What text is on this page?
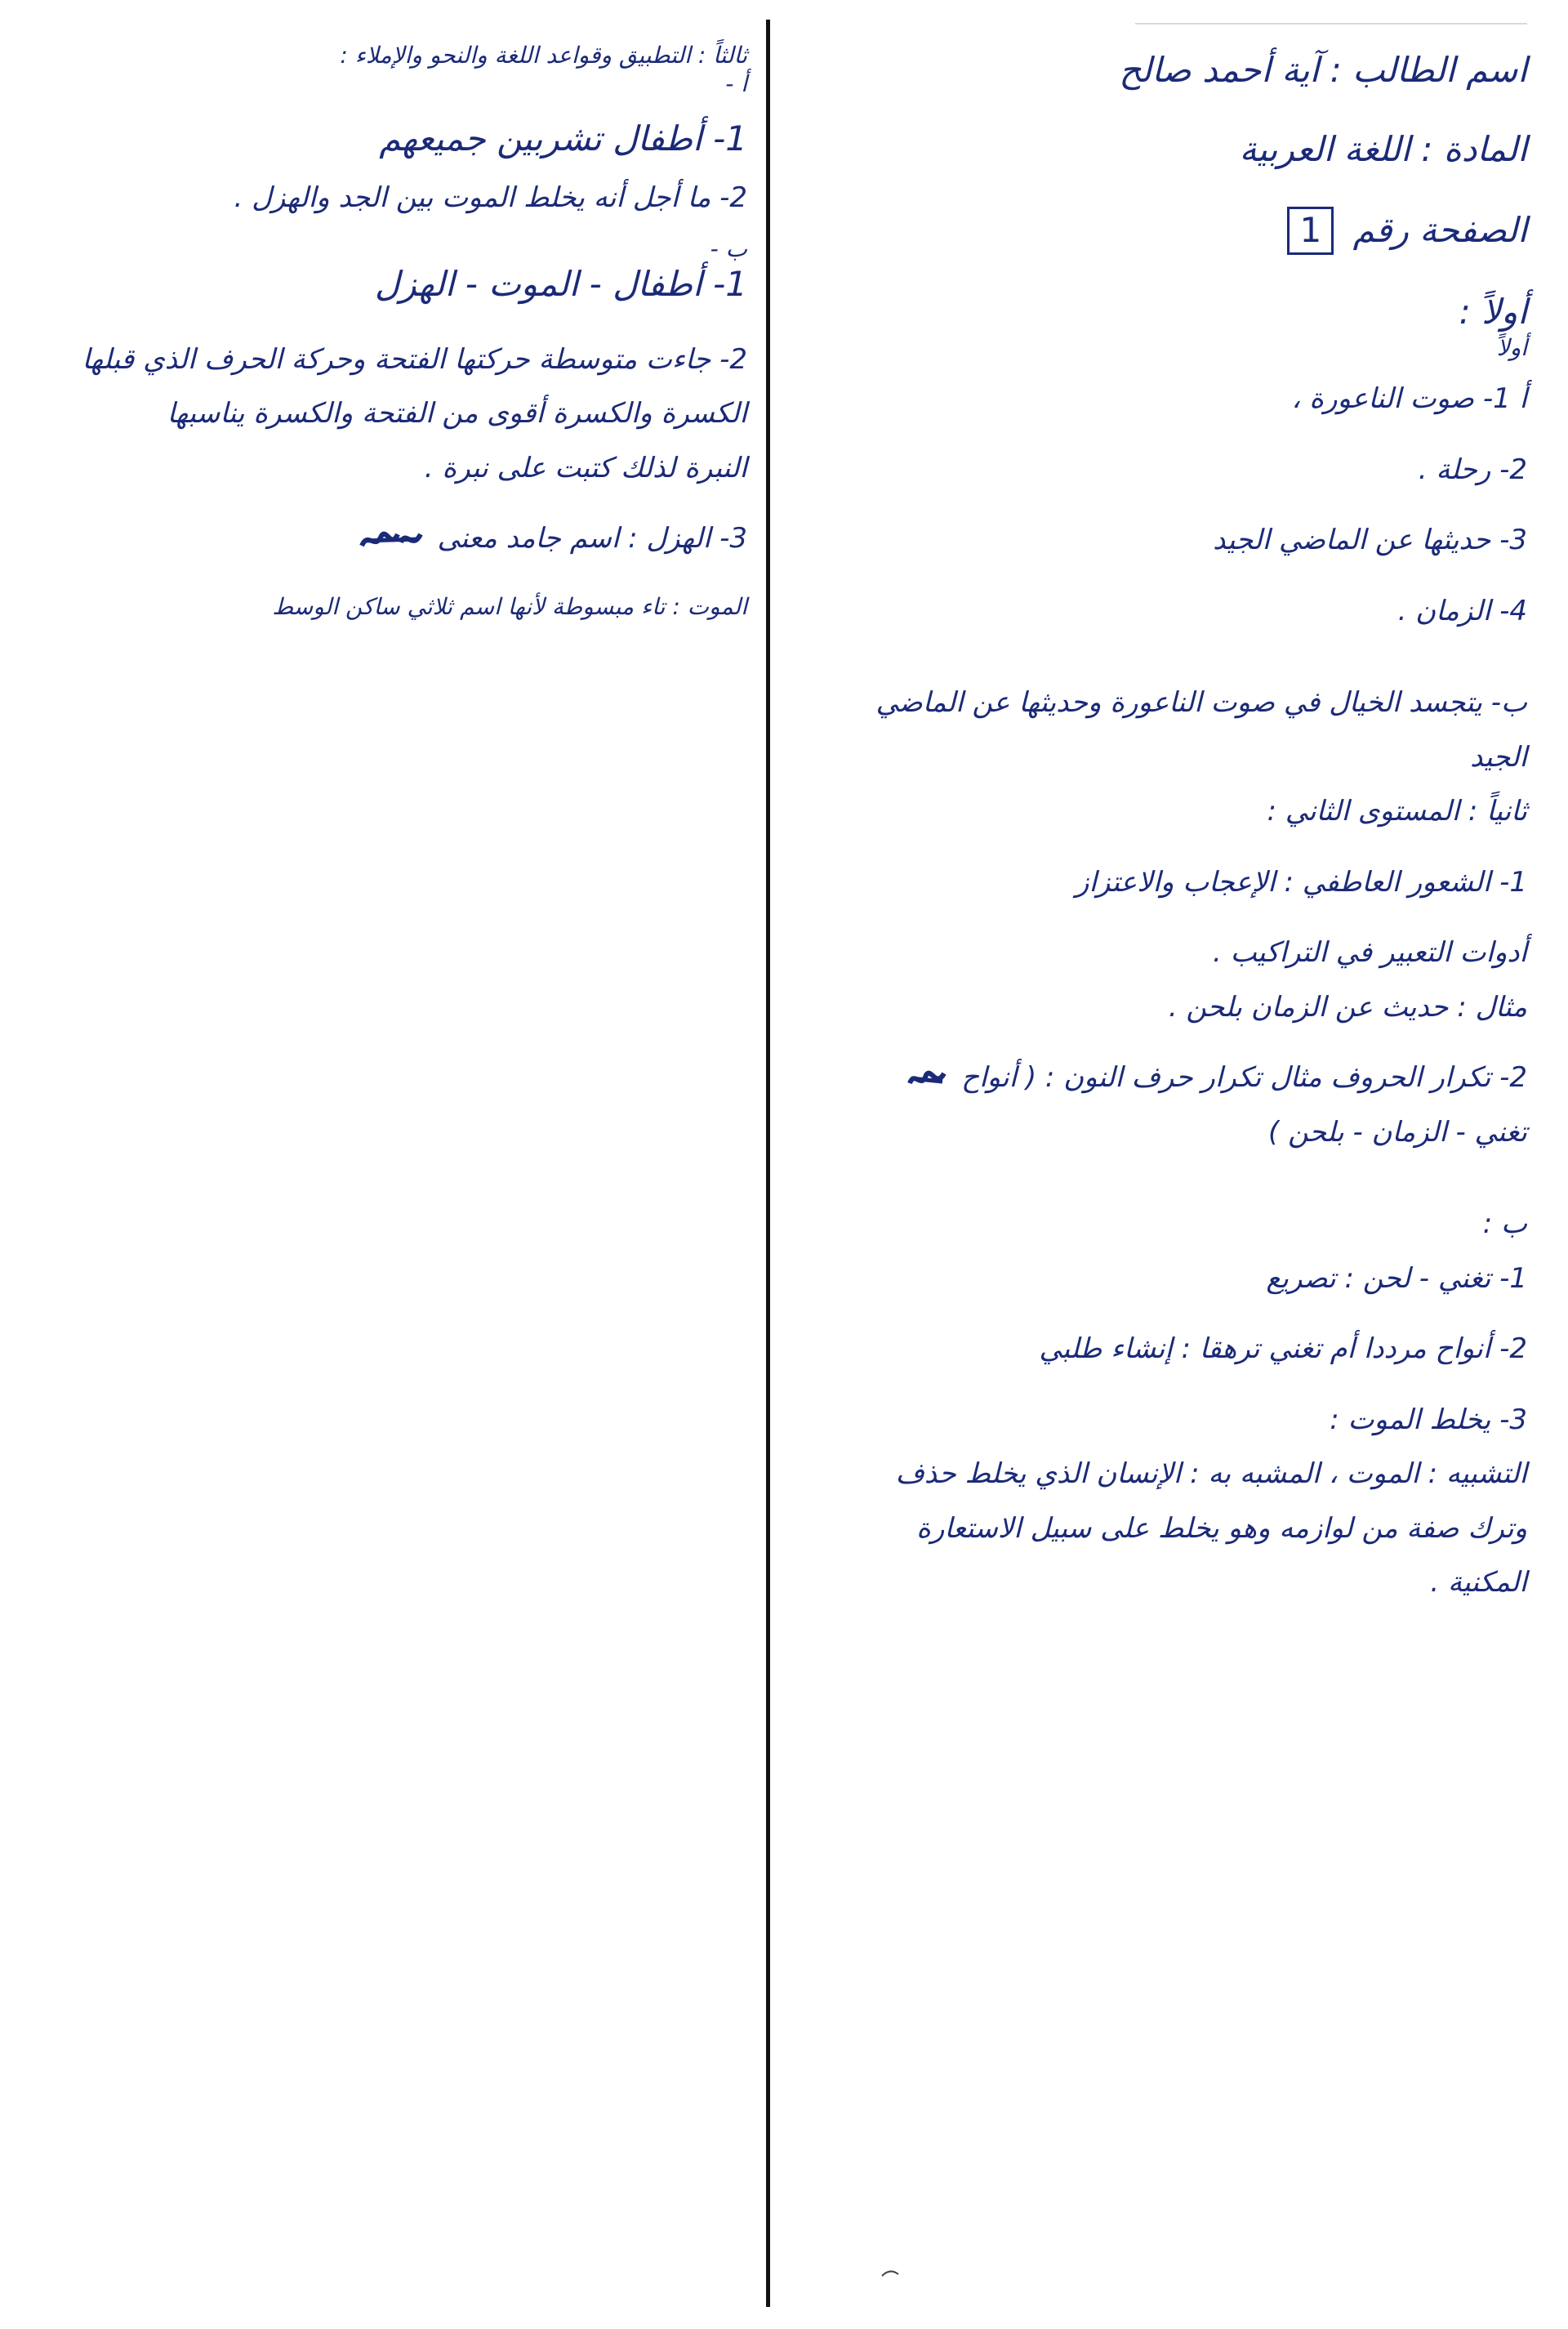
اسم الطالب : آية أحمد صالح

المادة : اللغة العربية

الصفحة رقم 1

أولاً :

أولاً

أ 1- صوت الناعورة ،

2- رحلة .

3- حديثها عن الماضي الجيد

4- الزمان .

ب- يتجسد الخيال في صوت الناعورة وحديثها عن الماضي

الجيد

ثانياً : المستوى الثاني :

1- الشعور العاطفي : الإعجاب والاعتزاز

أدوات التعبير في التراكيب .

مثال : حديث عن الزمان بلحن .

2- تكرار الحروف مثال تكرار حرف النون : ( أنواح

تغني - الزمان - بلحن )

ب :

1- تغني - لحن : تصريع

2- أنواح مرددا أم تغني ترهقا : إنشاء طلبي

3- يخلط الموت :

التشبيه : الموت ، المشبه به : الإنسان الذي يخلط حذف

وترك صفة من لوازمه وهو يخلط على سبيل الاستعارة

المكنية .

ثالثاً : التطبيق وقواعد اللغة والنحو والإملاء :

أ -

1- أطفال تشربين جميعهم

2- ما أجل أنه يخلط الموت بين الجد والهزل .

ب -

1- أطفال - الموت - الهزل

2- جاءت متوسطة حركتها الفتحة وحركة الحرف الذي قبلها

الكسرة والكسرة أقوى من الفتحة والكسرة يناسبها

النبرة لذلك كتبت على نبرة .

3- الهزل : اسم جامد معنى

الموت : تاء مبسوطة لأنها اسم ثلاثي ساكن الوسط
